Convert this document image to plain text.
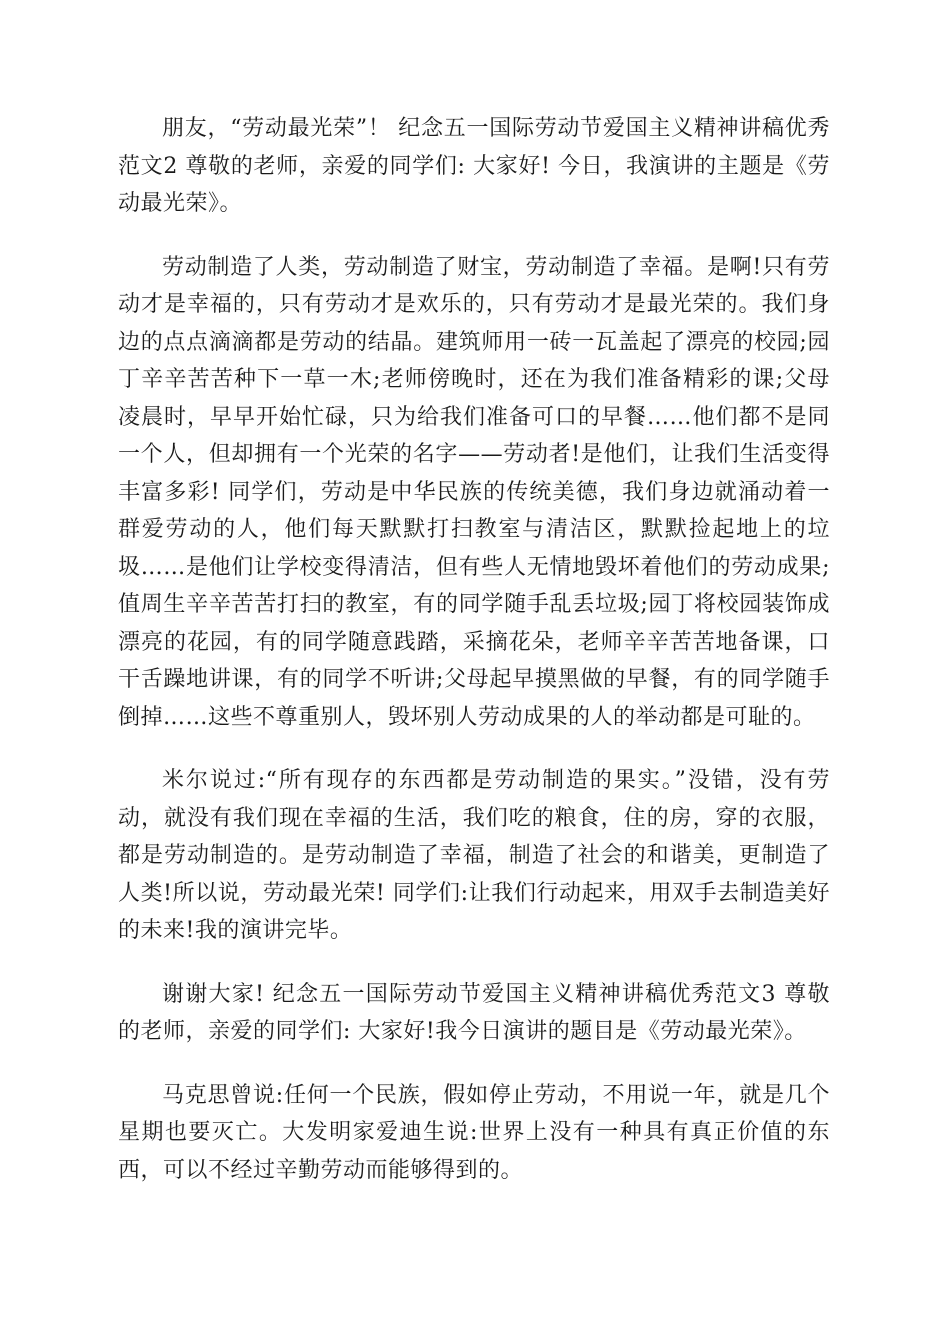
朋友，“劳动最光荣”！ 纪念五一国际劳动节爱国主义精神讲稿优秀范文2 尊敬的老师，亲爱的同学们: 大家好! 今日，我演讲的主题是《劳动最光荣》。

劳动制造了人类，劳动制造了财宝，劳动制造了幸福。是啊!只有劳动才是幸福的，只有劳动才是欢乐的，只有劳动才是最光荣的。我们身边的点点滴滴都是劳动的结晶。建筑师用一砖一瓦盖起了漂亮的校园;园丁辛辛苦苦种下一草一木;老师傍晚时，还在为我们准备精彩的课;父母凌晨时，早早开始忙碌，只为给我们准备可口的早餐……他们都不是同一个人，但却拥有一个光荣的名字——劳动者!是他们，让我们生活变得丰富多彩! 同学们，劳动是中华民族的传统美德，我们身边就涌动着一群爱劳动的人，他们每天默默打扫教室与清洁区，默默捡起地上的垃圾……是他们让学校变得清洁，但有些人无情地毁坏着他们的劳动成果;值周生辛辛苦苦打扫的教室，有的同学随手乱丢垃圾;园丁将校园装饰成漂亮的花园，有的同学随意践踏，采摘花朵，老师辛辛苦苦地备课，口干舌躁地讲课，有的同学不听讲;父母起早摸黑做的早餐，有的同学随手倒掉……这些不尊重别人，毁坏别人劳动成果的人的举动都是可耻的。

米尔说过:“所有现存的东西都是劳动制造的果实。”没错，没有劳动，就没有我们现在幸福的生活，我们吃的粮食，住的房，穿的衣服，都是劳动制造的。是劳动制造了幸福，制造了社会的和谐美，更制造了人类!所以说，劳动最光荣! 同学们:让我们行动起来，用双手去制造美好的未来!我的演讲完毕。

谢谢大家! 纪念五一国际劳动节爱国主义精神讲稿优秀范文3 尊敬的老师，亲爱的同学们: 大家好!我今日演讲的题目是《劳动最光荣》。

马克思曾说:任何一个民族，假如停止劳动，不用说一年，就是几个星期也要灭亡。大发明家爱迪生说:世界上没有一种具有真正价值的东西，可以不经过辛勤劳动而能够得到的。
